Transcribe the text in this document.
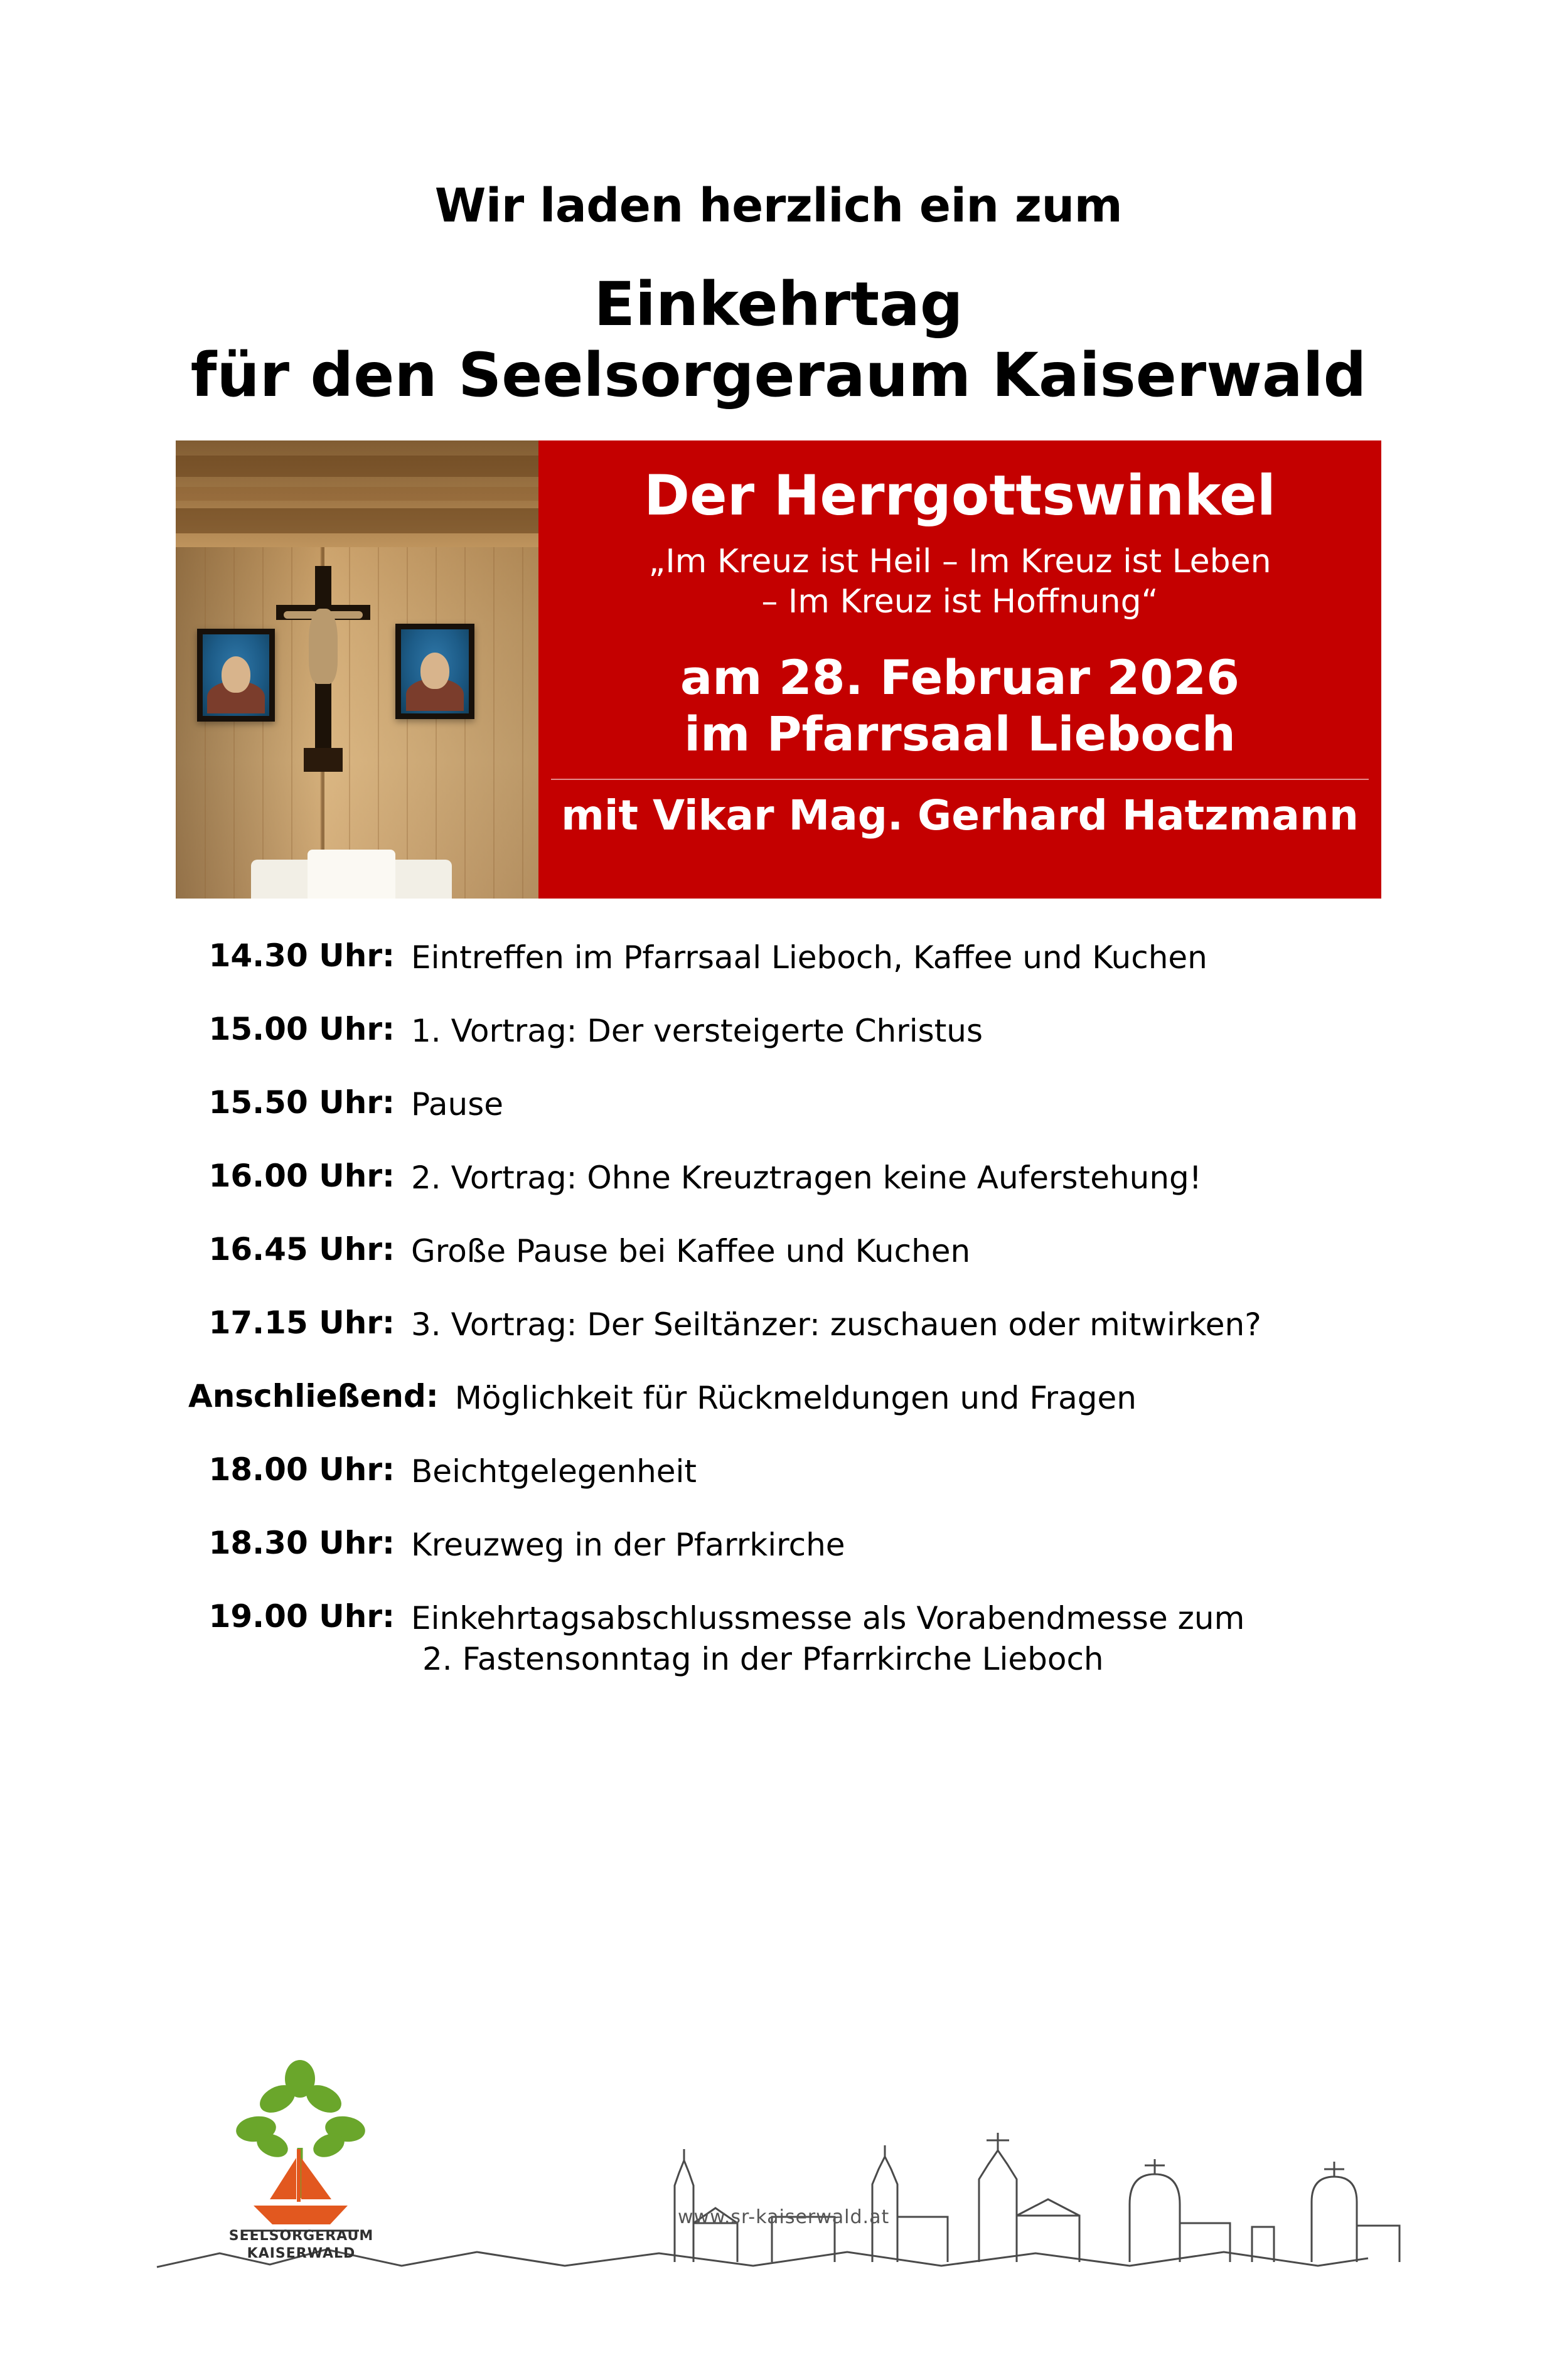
Wir laden herzlich ein zum
Einkehrtag
für den Seelsorgeraum Kaiserwald
Der Herrgottswinkel
„Im Kreuz ist Heil – Im Kreuz ist Leben
– Im Kreuz ist Hoffnung“
am 28. Februar 2026
im Pfarrsaal Lieboch
mit Vikar Mag. Gerhard Hatzmann
14.30 Uhr: Eintreffen im Pfarrsaal Lieboch, Kaffee und Kuchen
15.00 Uhr: 1. Vortrag: Der versteigerte Christus
15.50 Uhr: Pause
16.00 Uhr: 2. Vortrag: Ohne Kreuztragen keine Auferstehung!
16.45 Uhr: Große Pause bei Kaffee und Kuchen
17.15 Uhr: 3. Vortrag: Der Seiltänzer: zuschauen oder mitwirken?
Anschließend: Möglichkeit für Rückmeldungen und Fragen
18.00 Uhr: Beichtgelegenheit
18.30 Uhr: Kreuzweg in der Pfarrkirche
19.00 Uhr: Einkehrtagsabschlussmesse als Vorabendmesse zum
2. Fastensonntag in der Pfarrkirche Lieboch
SEELSORGERAUM
KAISERWALD
www.sr-kaiserwald.at
